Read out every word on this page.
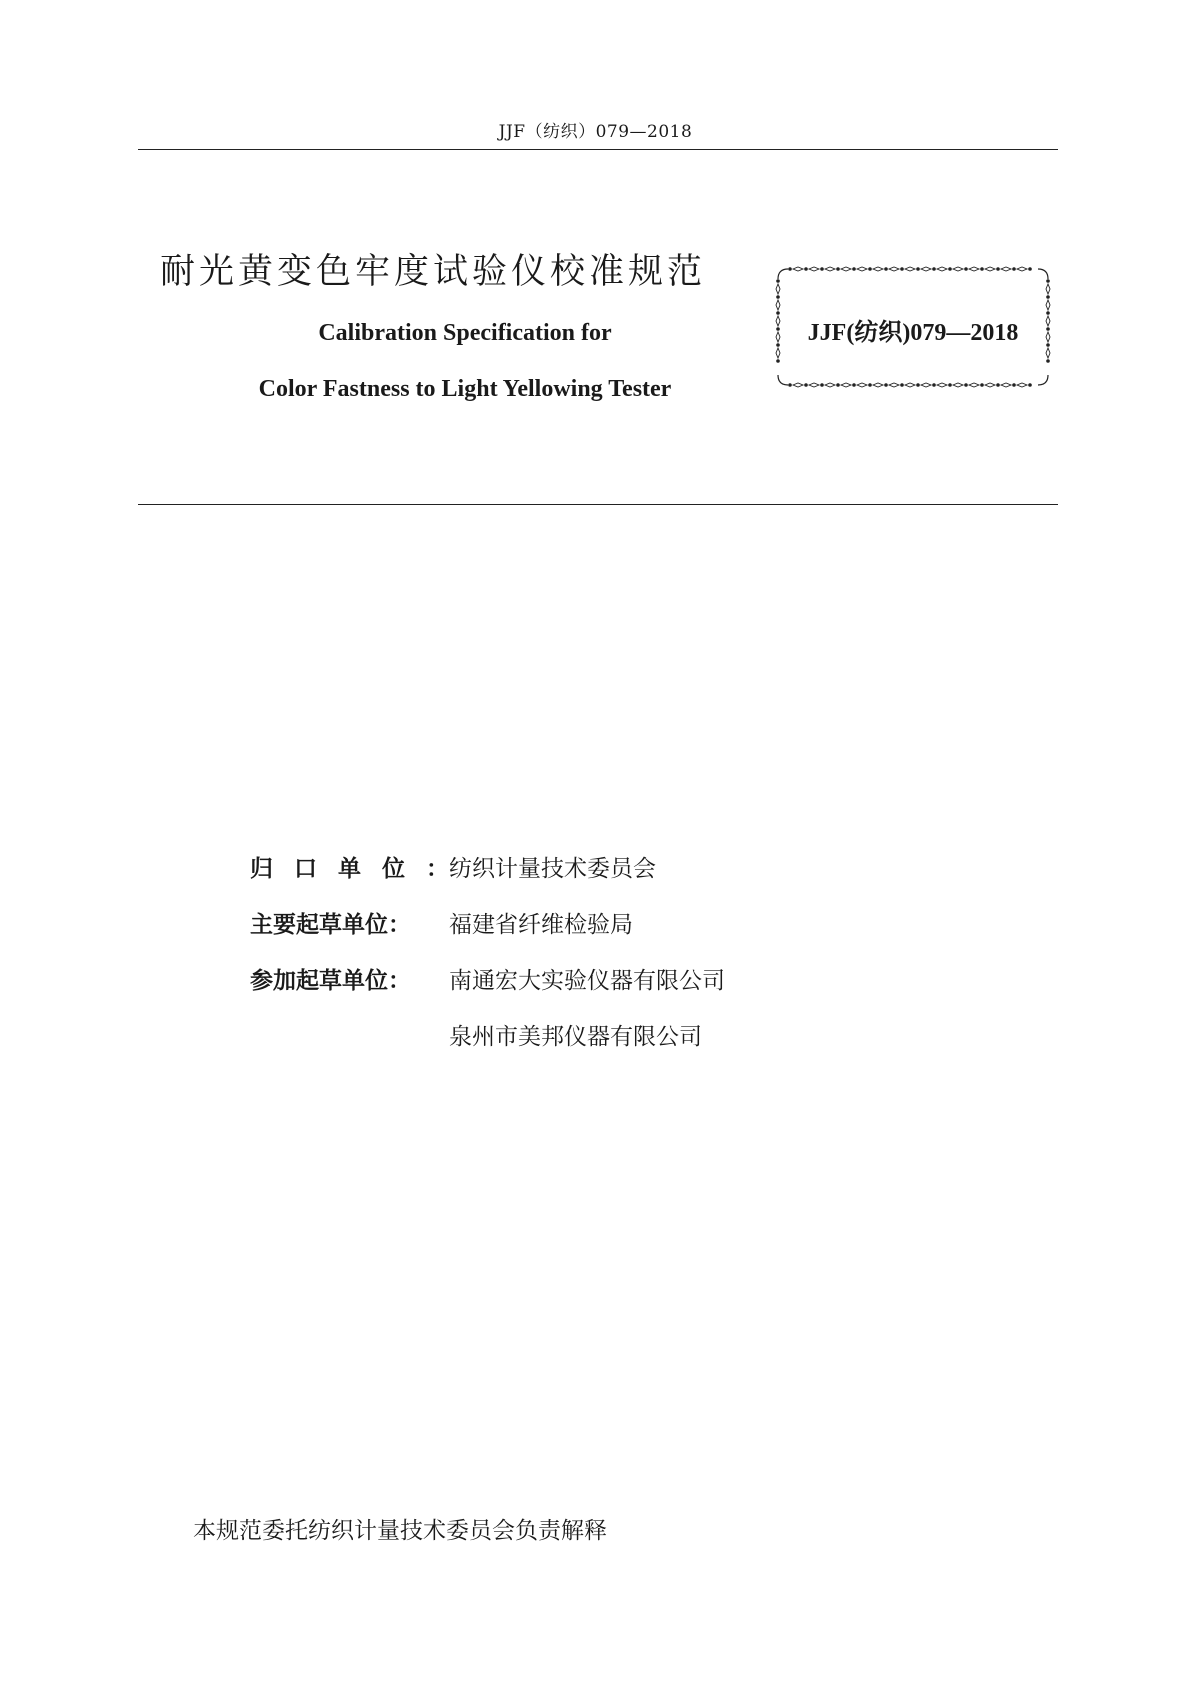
JJF（纺织）079—2018
耐光黄变色牢度试验仪校准规范
Calibration Specification for
Color Fastness to Light Yellowing Tester
JJF(纺织)079—2018
归口单位：
纺织计量技术委员会
主要起草单位：	福建省纤维检验局
参加起草单位：	南通宏大实验仪器有限公司
泉州市美邦仪器有限公司
本规范委托纺织计量技术委员会负责解释
